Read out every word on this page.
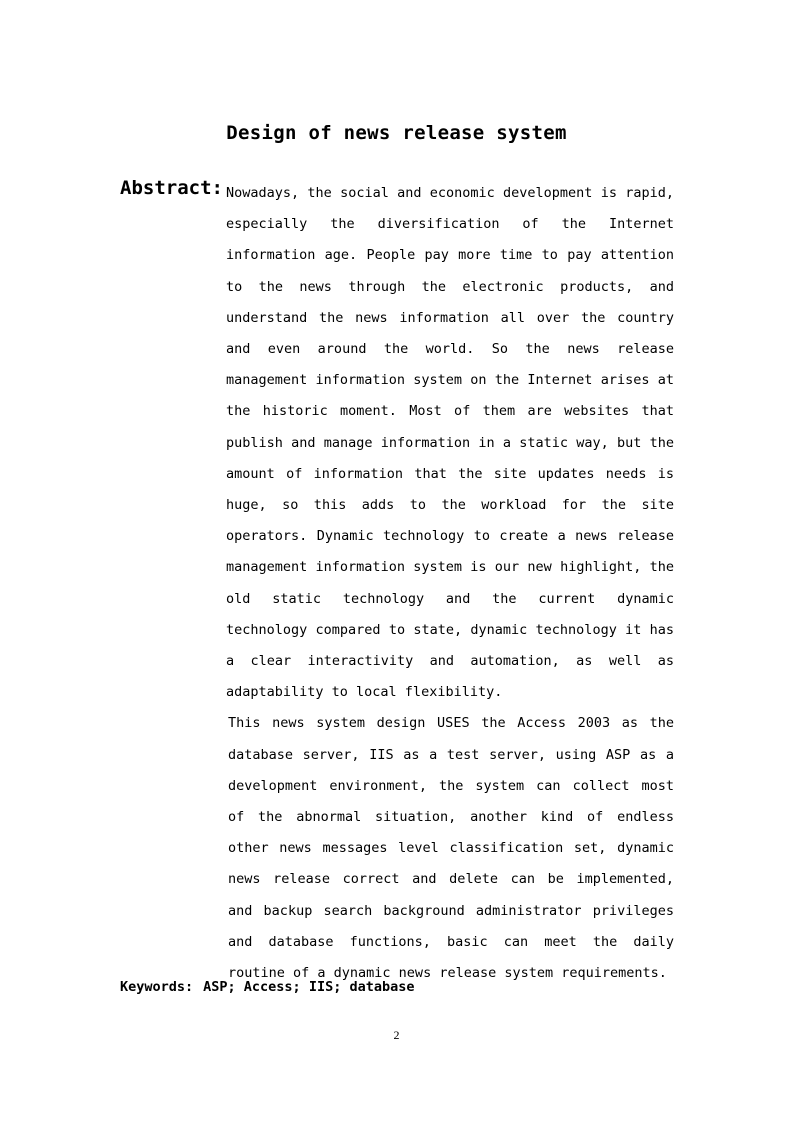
Design of news release system
Abstract: Nowadays, the social and economic development is rapid, especially the diversification of the Internet information age. People pay more time to pay attention to the news through the electronic products, and understand the news information all over the country and even around the world. So the news release management information system on the Internet arises at the historic moment. Most of them are websites that publish and manage information in a static way, but the amount of information that the site updates needs is huge, so this adds to the workload for the site operators. Dynamic technology to create a news release management information system is our new highlight, the old static technology and the current dynamic technology compared to state, dynamic technology it has a clear interactivity and automation, as well as adaptability to local flexibility.

This news system design USES the Access 2003 as the database server, IIS as a test server, using ASP as a development environment, the system can collect most of the abnormal situation, another kind of endless other news messages level classification set, dynamic news release correct and delete can be implemented, and backup search background administrator privileges and database functions, basic can meet the daily routine of a dynamic news release system requirements.

Keywords: ASP; Access; IIS; database
2
